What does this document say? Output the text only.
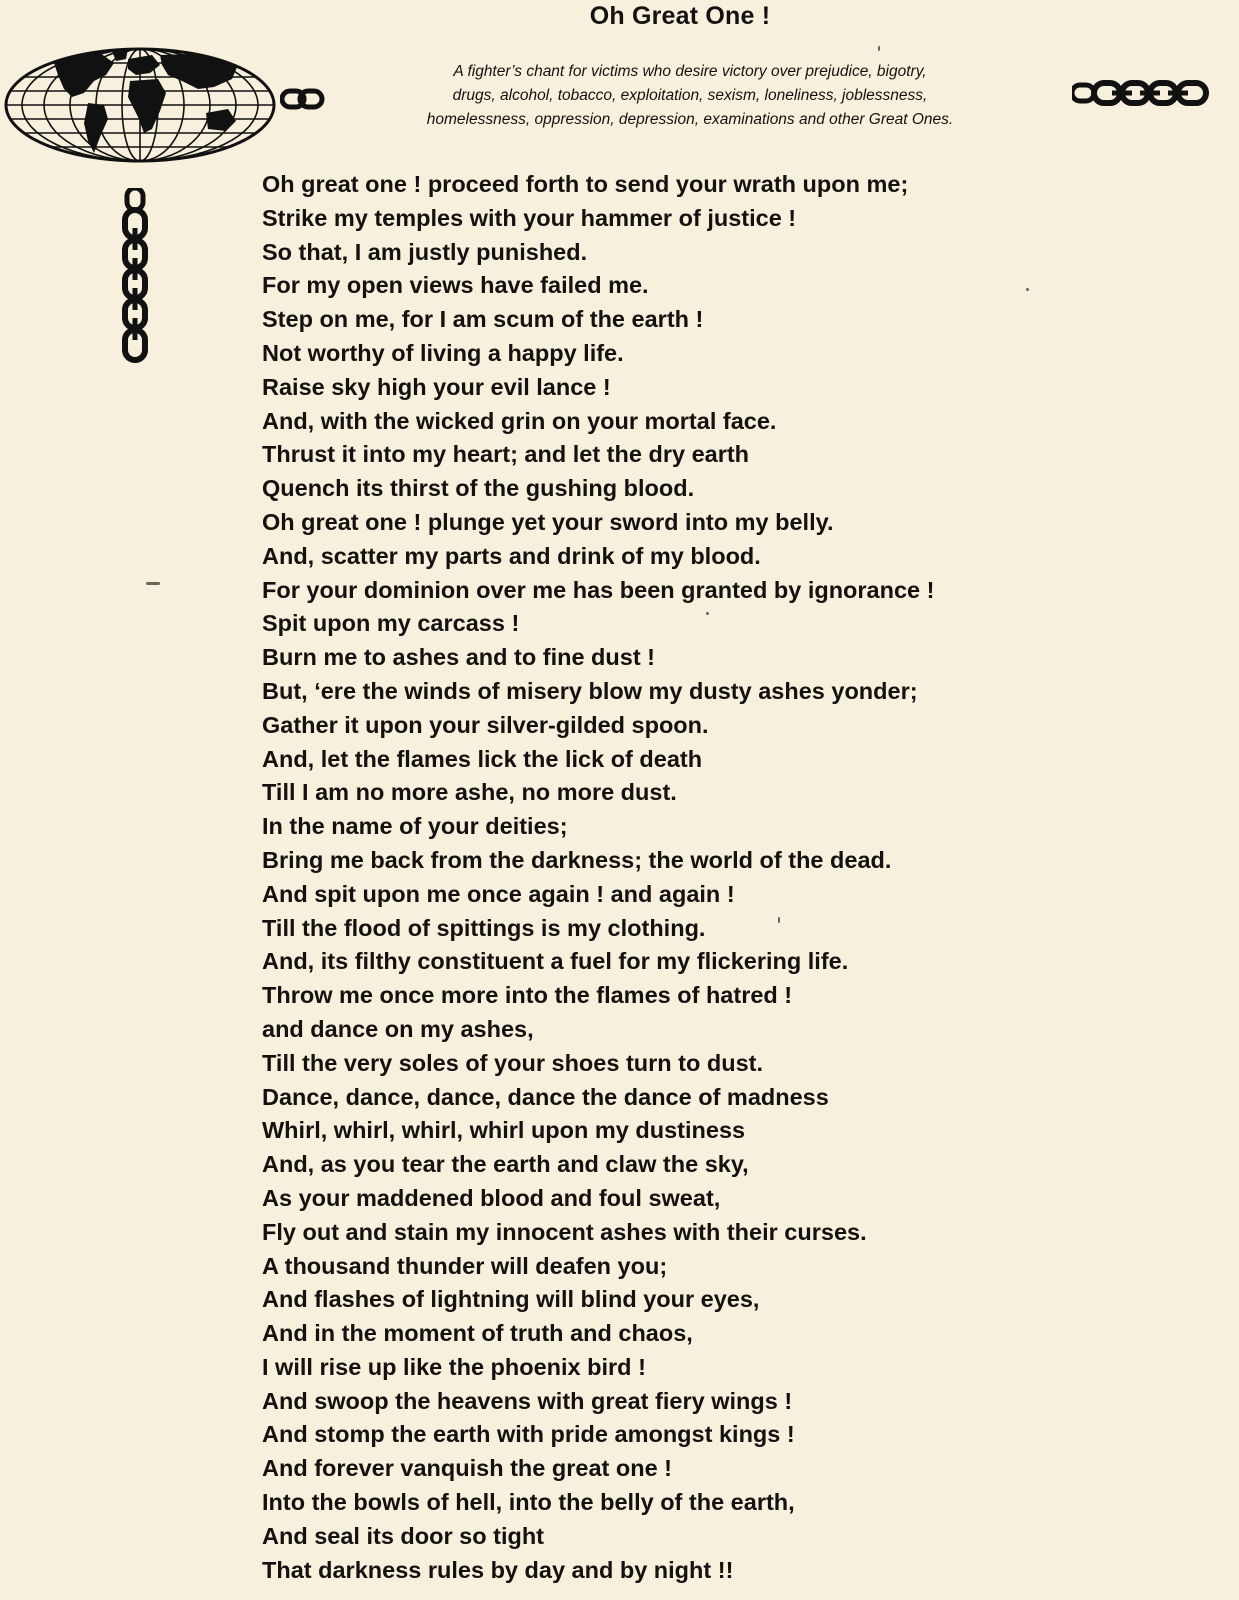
Oh Great One !
A fighter’s chant for victims who desire victory over prejudice, bigotry,
drugs, alcohol, tobacco, exploitation, sexism, loneliness, joblessness,
homelessness, oppression, depression, examinations and other Great Ones.
Oh great one ! proceed forth to send your wrath upon me;
Strike my temples with your hammer of justice !
So that, I am justly punished.
For my open views have failed me.
Step on me, for I am scum of the earth !
Not worthy of living a happy life.
Raise sky high your evil lance !
And, with the wicked grin on your mortal face.
Thrust it into my heart; and let the dry earth
Quench its thirst of the gushing blood.
Oh great one ! plunge yet your sword into my belly.
And, scatter my parts and drink of my blood.
For your dominion over me has been granted by ignorance !
Spit upon my carcass !
Burn me to ashes and to fine dust !
But, ‘ere the winds of misery blow my dusty ashes yonder;
Gather it upon your silver-gilded spoon.
And, let the flames lick the lick of death
Till I am no more ashe, no more dust.
In the name of your deities;
Bring me back from the darkness; the world of the dead.
And spit upon me once again ! and again !
Till the flood of spittings is my clothing.
And, its filthy constituent a fuel for my flickering life.
Throw me once more into the flames of hatred !
and dance on my ashes,
Till the very soles of your shoes turn to dust.
Dance, dance, dance, dance the dance of madness
Whirl, whirl, whirl, whirl upon my dustiness
And, as you tear the earth and claw the sky,
As your maddened blood and foul sweat,
Fly out and stain my innocent ashes with their curses.
A thousand thunder will deafen you;
And flashes of lightning will blind your eyes,
And in the moment of truth and chaos,
I will rise up like the phoenix bird !
And swoop the heavens with great fiery wings !
And stomp the earth with pride amongst kings !
And forever vanquish the great one !
Into the bowls of hell, into the belly of the earth,
And seal its door so tight
That darkness rules by day and by night !!
